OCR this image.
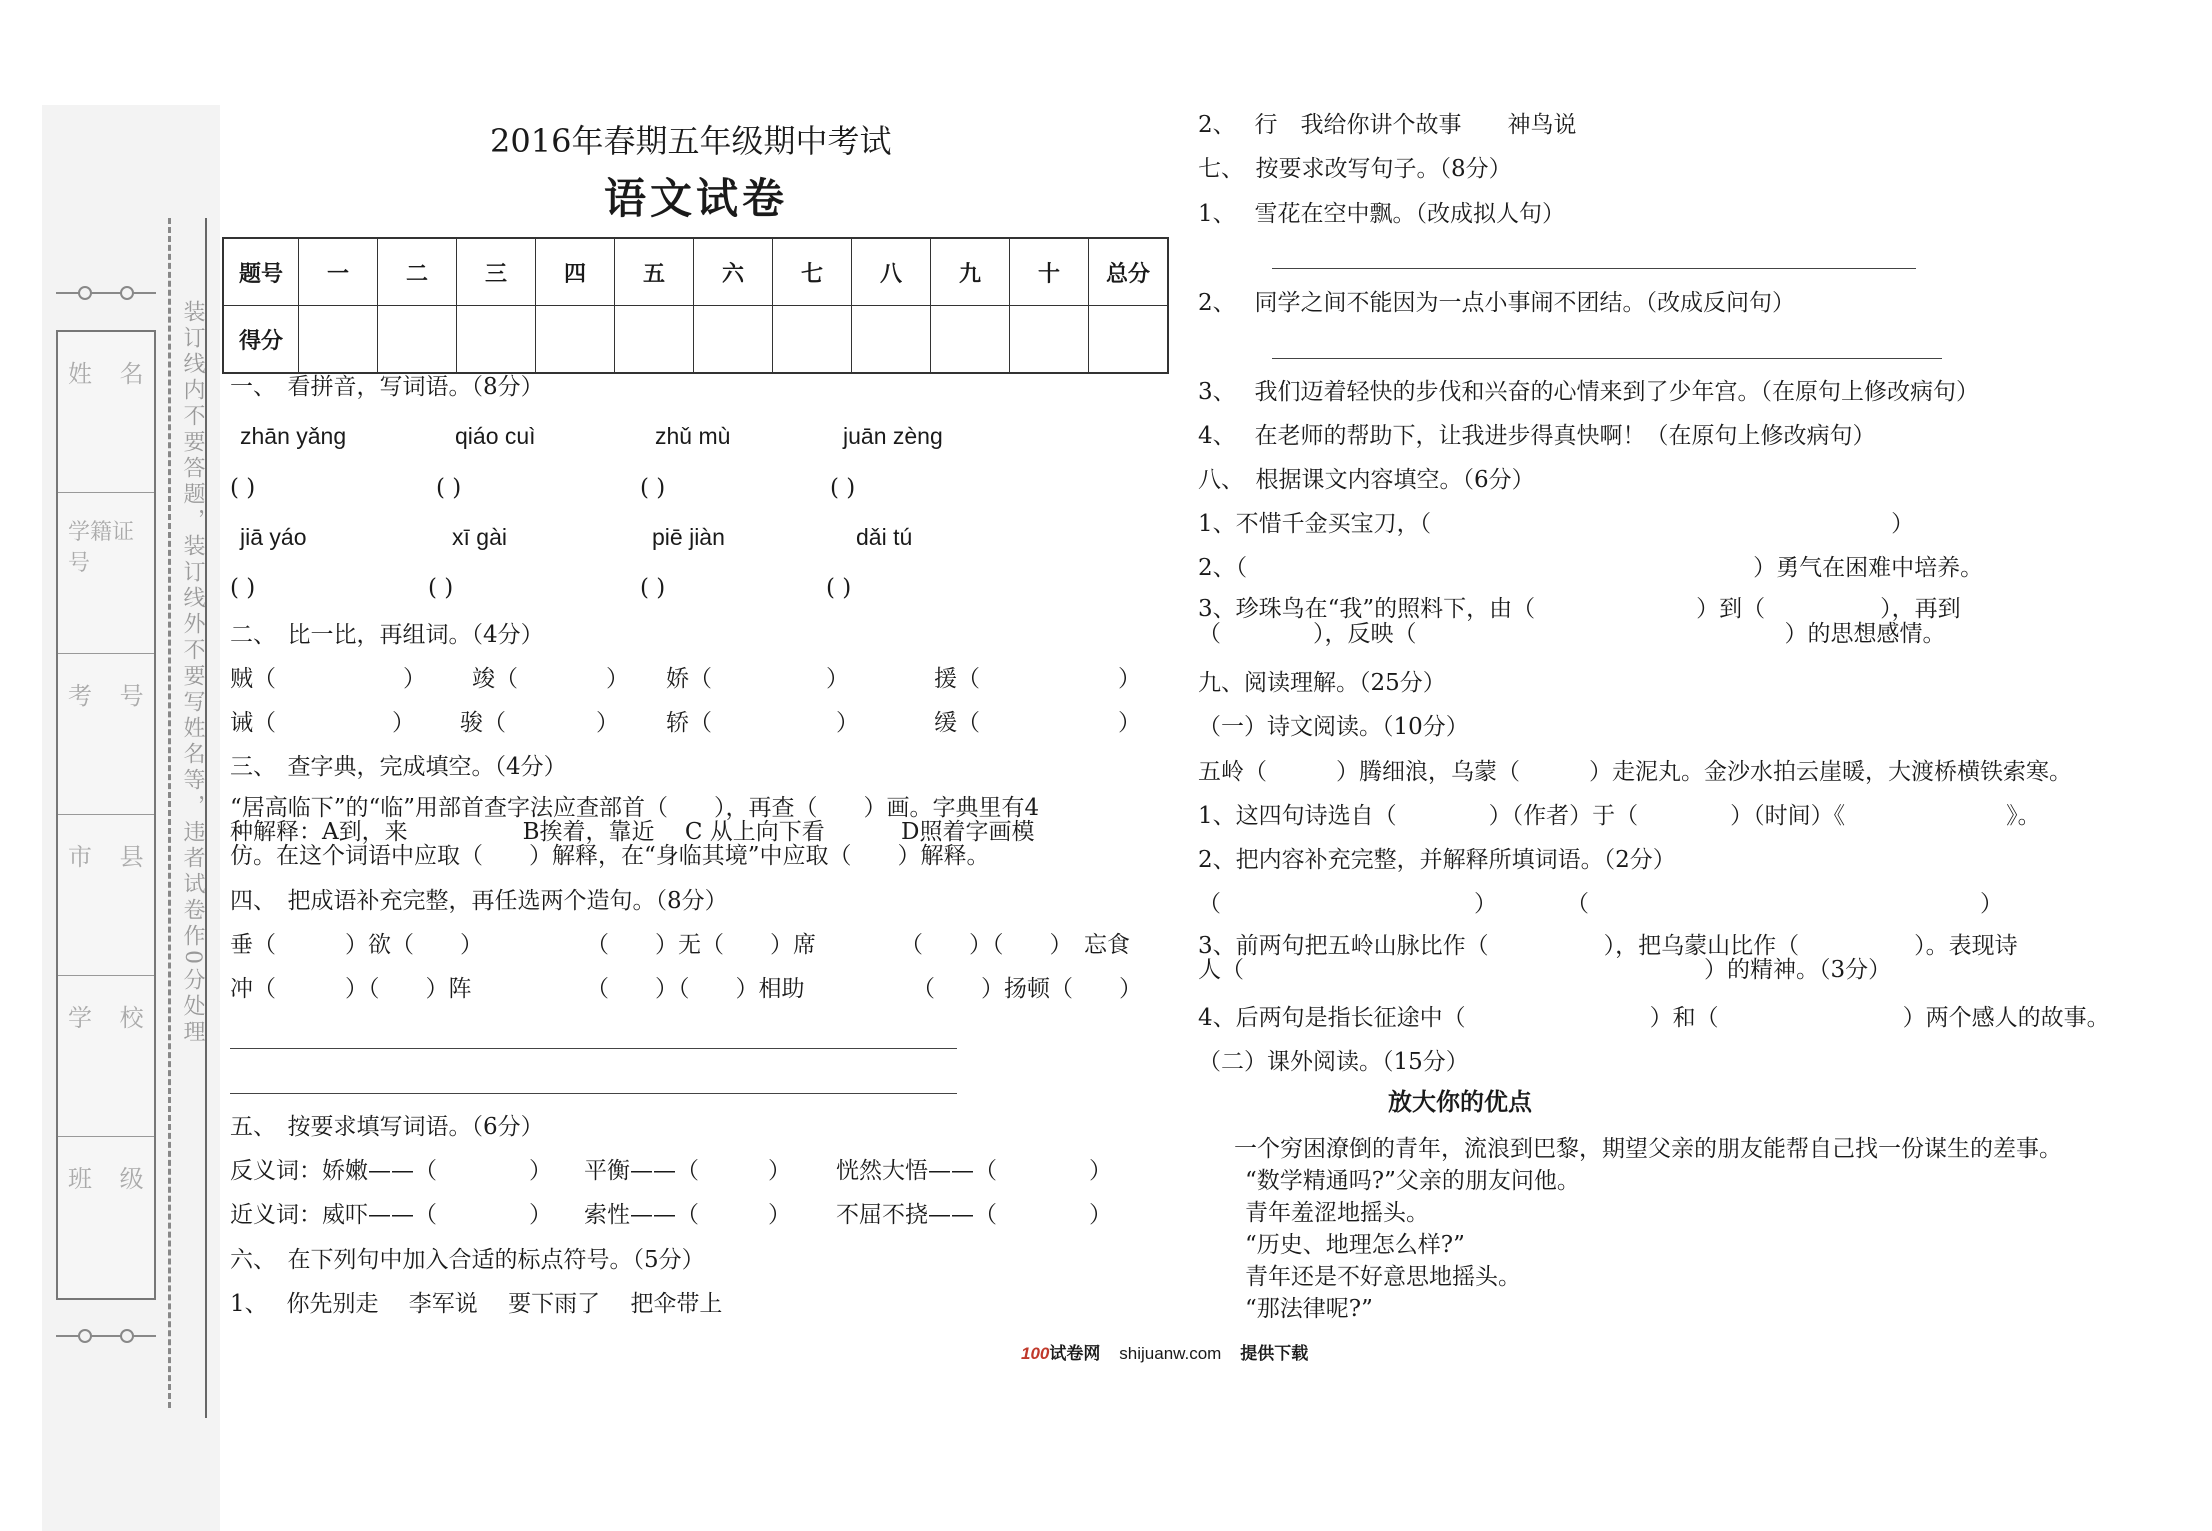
姓 名
学籍证号
考 号
市 县
学 校
班 级
装订线内不要答题，装订线外不要写姓名等，违者试卷作0分处理
2016年春期五年级期中考试
语文试卷
题号	一	二	三	四	五	六	七	八	九	十	总分
得分											
一、　看拼音，写词语。（8分）
zhān yǎng	qiáo cuì	zhǔ mù	juān zèng
( )	( )	( )	( )
jiā yáo	xī gài	piē jiàn	dǎi tú
( )	( )	( )	( )
二、　比一比，再组词。（4分）
贼（	） 竣（	） 娇（	）	援（	）
诫（	） 骏（	） 轿（	）	缓（	）
三、　查字典，完成填空。（4分）
“居高临下”的“临”用部首查字法应查部首（　　），再查（　　）画。字典里有4
种解释：A到，来　　　　　B挨着，靠近　 C 从上向下看　　　 D照着字画模
仿。在这个词语中应取（　　）解释，在“身临其境”中应取（　　）解释。
四、　把成语补充完整，再任选两个造句。（8分）
垂（　　　）欲（　　）	（　　）无（　　）席	（　　）（　　）　忘食
冲（　　　）（　　）阵	（　　）（　　）相助	（　　）扬顿（　　）
五、　按要求填写词语。（6分）
反义词：娇嫩——（　　　　） 平衡——（　　　） 恍然大悟——（　　　　）
近义词：威吓——（　　　　） 索性——（　　　） 不屈不挠——（　　　　）
六、　在下列句中加入合适的标点符号。（5分）
1、　 你先别走　 李军说　 要下雨了　 把伞带上
2、　 行　我给你讲个故事　　神鸟说
七、　按要求改写句子。（8分）
1、　 雪花在空中飘。（改成拟人句）
2、　 同学之间不能因为一点小事闹不团结。（改成反问句）
3、　 我们迈着轻快的步伐和兴奋的心情来到了少年宫。（在原句上修改病句）
4、　 在老师的帮助下，让我进步得真快啊！（在原句上修改病句）
八、　根据课文内容填空。（6分）
1、不惜千金买宝刀，（　　　　　　　　　　　　　　　　　　　　）
2、（　　　　　　　　　　　　　　　　　　　　　　）勇气在困难中培养。
3、珍珠鸟在“我”的照料下，由（　　　　　　　）到（　　　　　），再到
（　　　　），反映（　　　　　　　　　　　　　　　　）的思想感情。
九、阅读理解。（25分）
（一）诗文阅读。（10分）
五岭（　　　）腾细浪，乌蒙（　　　）走泥丸。金沙水拍云崖暖，大渡桥横铁索寒。
1、这四句诗选自（　　　　）（作者）于（　　　　）（时间）《　　　　　　　》。
2、把内容补充完整，并解释所填词语。（2分）
（　　　　　　　　　　　）　　　　（　　　　　　　　　　　　　　　　　）
3、前两句把五岭山脉比作（　　　　　），把乌蒙山比作（　　　　　）。表现诗
人（　　　　　　　　　　　　　　　　　　　　）的精神。（3分）
4、后两句是指长征途中（　　　　　　　　）和（　　　　　　　　）两个感人的故事。
（二）课外阅读。（15分）
放大你的优点
一个穷困潦倒的青年，流浪到巴黎，期望父亲的朋友能帮自己找一份谋生的差事。
“数学精通吗?”父亲的朋友问他。
青年羞涩地摇头。
“历史、地理怎么样?”
青年还是不好意思地摇头。
“那法律呢?”
100试卷网 shijuanw.com 提供下载
